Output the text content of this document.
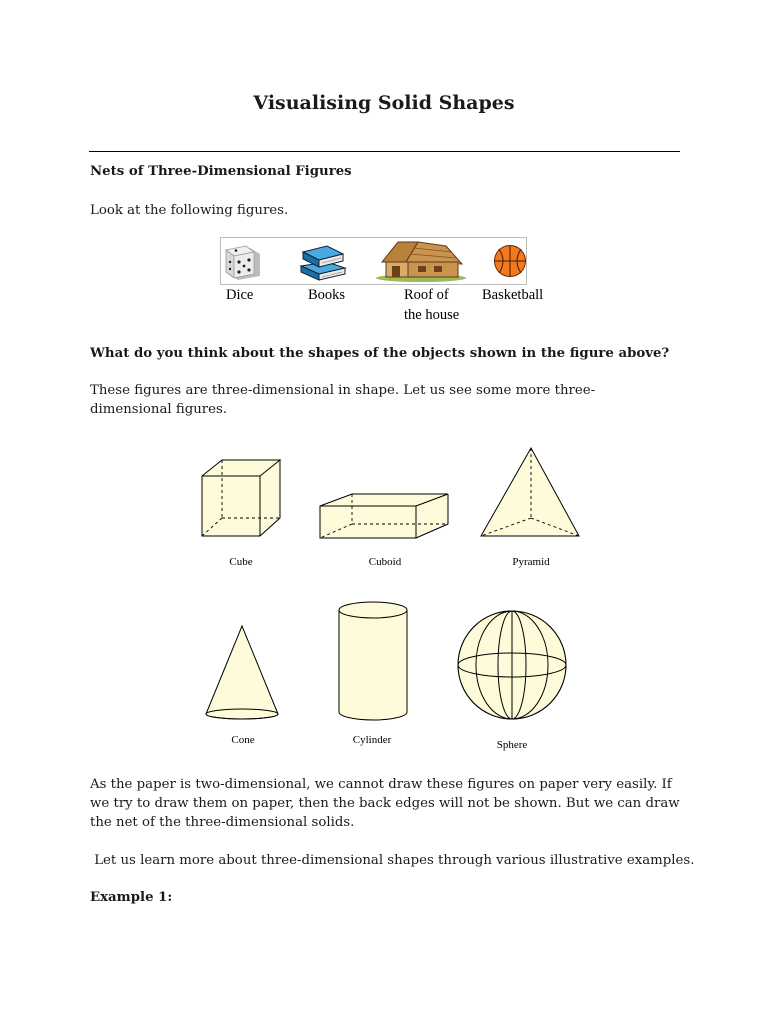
Visualising Solid Shapes
Nets of Three-Dimensional Figures
Look at the following figures.
Dice	Books	Roof of
the house
Basketball
What do you think about the shapes of the objects shown in the figure above?
These figures are three-dimensional in shape. Let us see some more three-dimensional figures.
Cube	Cuboid	Pyramid
Cone	Cylinder	Sphere
As the paper is two-dimensional, we cannot draw these figures on paper very easily. If we try to draw them on paper, then the back edges will not be shown. But we can draw the net of the three-dimensional solids.
Let us learn more about three-dimensional shapes through various illustrative examples.
Example 1:
